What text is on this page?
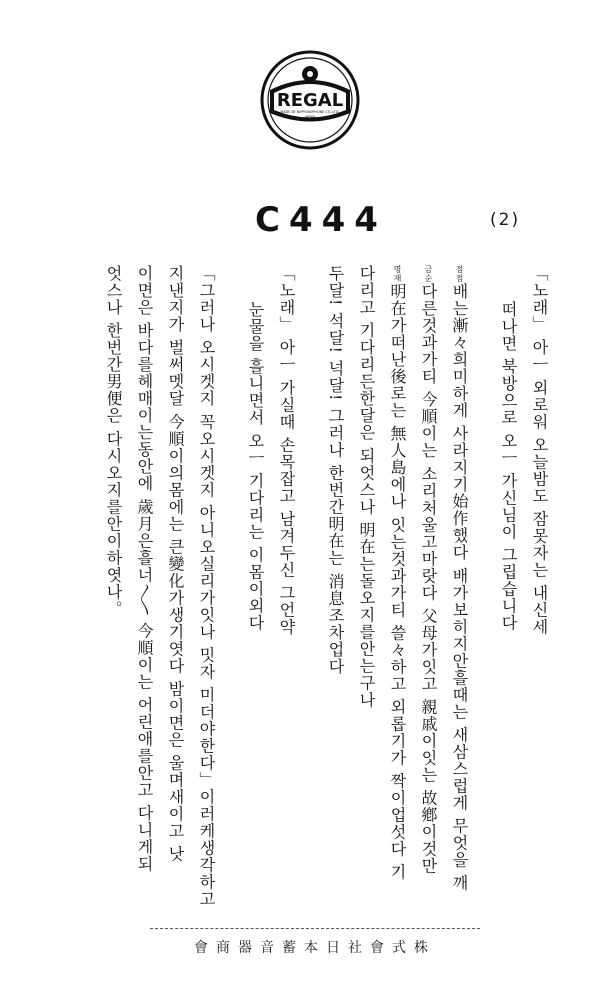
REGAL
MADE BY NIPPONOPHONE CO.,LTD.
JAPAN
C444	(2)
「노래」 아ㅡ 외로워 오늘밤도 잠못자는 내신세
떠나면 북방으로 오ㅡ 가신님이 그립습니다
점점배는漸々희미하게 사라지기始作했다 배가보히지안흘때는 새삼스럽게 무엇을 깨
금순다른것과가티 今順이는 소리처울고마랏다 父母가잇고 親戚이잇는 故鄕이것만
명재明在가떠난後로는 無人島에나 잇는것과가티 쓸々하고 외롭기가 짝이업섯다 기
다리고 기다리든한달은 되엇스나 明在는돌오지를안는구나
두달! 석달! 넉달! 그러나 한번간明在는 消息조차업다
「노래」 아ㅡ 가실때 손목잡고 남겨두신 그언약
눈물을 흘니면서 오ㅡ 기다리는 이몸이외다
「그러나 오시겟지 꼭오시겟지 아니오실리가잇나 밋자 미더야한다」이러케생각하고
지낸지가 벌써멧달 今順이의몸에는 큰變化가생기엿다 밤이면은 울며새이고 낫
이면은 바다를헤매이는동안에 歲月은흘너〳〵 今順이는 어린애를안고 다니게되
엇스나 한번간男便은 다시오지를안이하엿나。
株式會社日本蓄音器商會
